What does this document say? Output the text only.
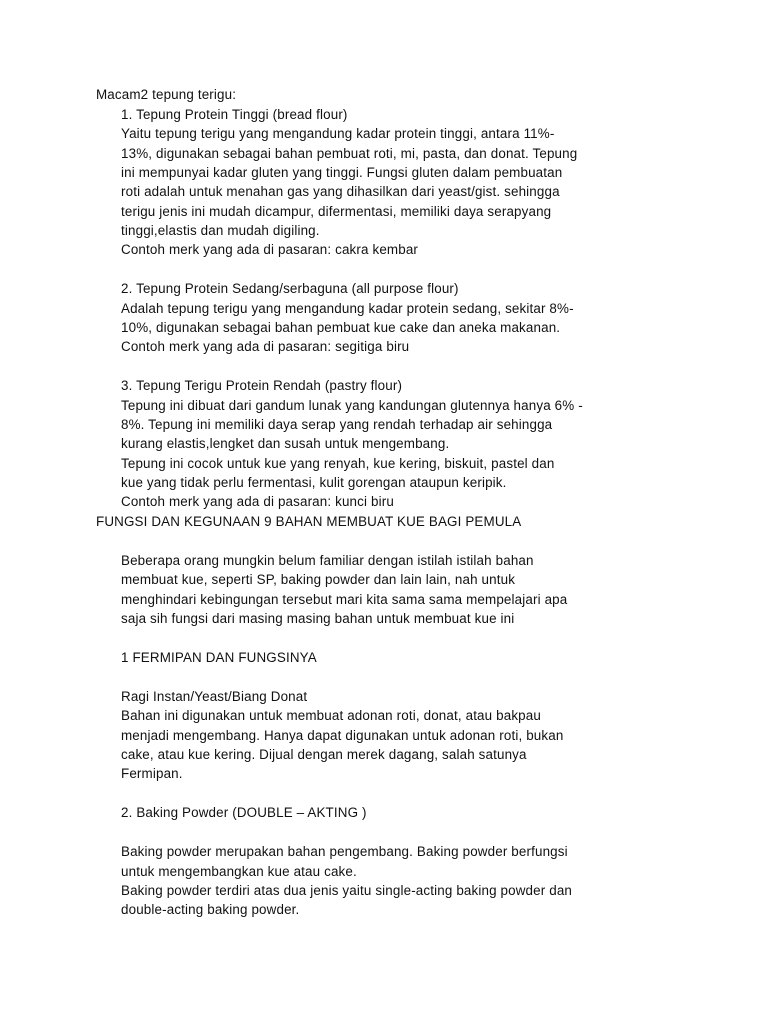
Macam2 tepung terigu:
1. Tepung Protein Tinggi (bread flour)
Yaitu tepung terigu yang mengandung kadar protein tinggi, antara 11%-
13%, digunakan sebagai bahan pembuat roti, mi, pasta, dan donat. Tepung
ini mempunyai kadar gluten yang tinggi. Fungsi gluten dalam pembuatan
roti adalah untuk menahan gas yang dihasilkan dari yeast/gist. sehingga
terigu jenis ini mudah dicampur, difermentasi, memiliki daya serapyang
tinggi,elastis dan mudah digiling.
Contoh merk yang ada di pasaran: cakra kembar
2. Tepung Protein Sedang/serbaguna (all purpose flour)
Adalah tepung terigu yang mengandung kadar protein sedang, sekitar 8%-
10%, digunakan sebagai bahan pembuat kue cake dan aneka makanan.
Contoh merk yang ada di pasaran: segitiga biru
3. Tepung Terigu Protein Rendah (pastry flour)
Tepung ini dibuat dari gandum lunak yang kandungan glutennya hanya 6% -
8%. Tepung ini memiliki daya serap yang rendah terhadap air sehingga
kurang elastis,lengket dan susah untuk mengembang.
Tepung ini cocok untuk kue yang renyah, kue kering, biskuit, pastel dan
kue yang tidak perlu fermentasi, kulit gorengan ataupun keripik.
Contoh merk yang ada di pasaran: kunci biru
FUNGSI DAN KEGUNAAN 9 BAHAN MEMBUAT KUE BAGI PEMULA
Beberapa orang mungkin belum familiar dengan istilah istilah bahan
membuat kue, seperti SP, baking powder dan lain lain, nah untuk
menghindari kebingungan tersebut mari kita sama sama mempelajari apa
saja sih fungsi dari masing masing bahan untuk membuat kue ini
1 FERMIPAN DAN FUNGSINYA
Ragi Instan/Yeast/Biang Donat
Bahan ini digunakan untuk membuat adonan roti, donat, atau bakpau
menjadi mengembang. Hanya dapat digunakan untuk adonan roti, bukan
cake, atau kue kering. Dijual dengan merek dagang, salah satunya
Fermipan.
2. Baking Powder (DOUBLE – AKTING )
Baking powder merupakan bahan pengembang. Baking powder berfungsi
untuk mengembangkan kue atau cake.
Baking powder terdiri atas dua jenis yaitu single-acting baking powder dan
double-acting baking powder.
